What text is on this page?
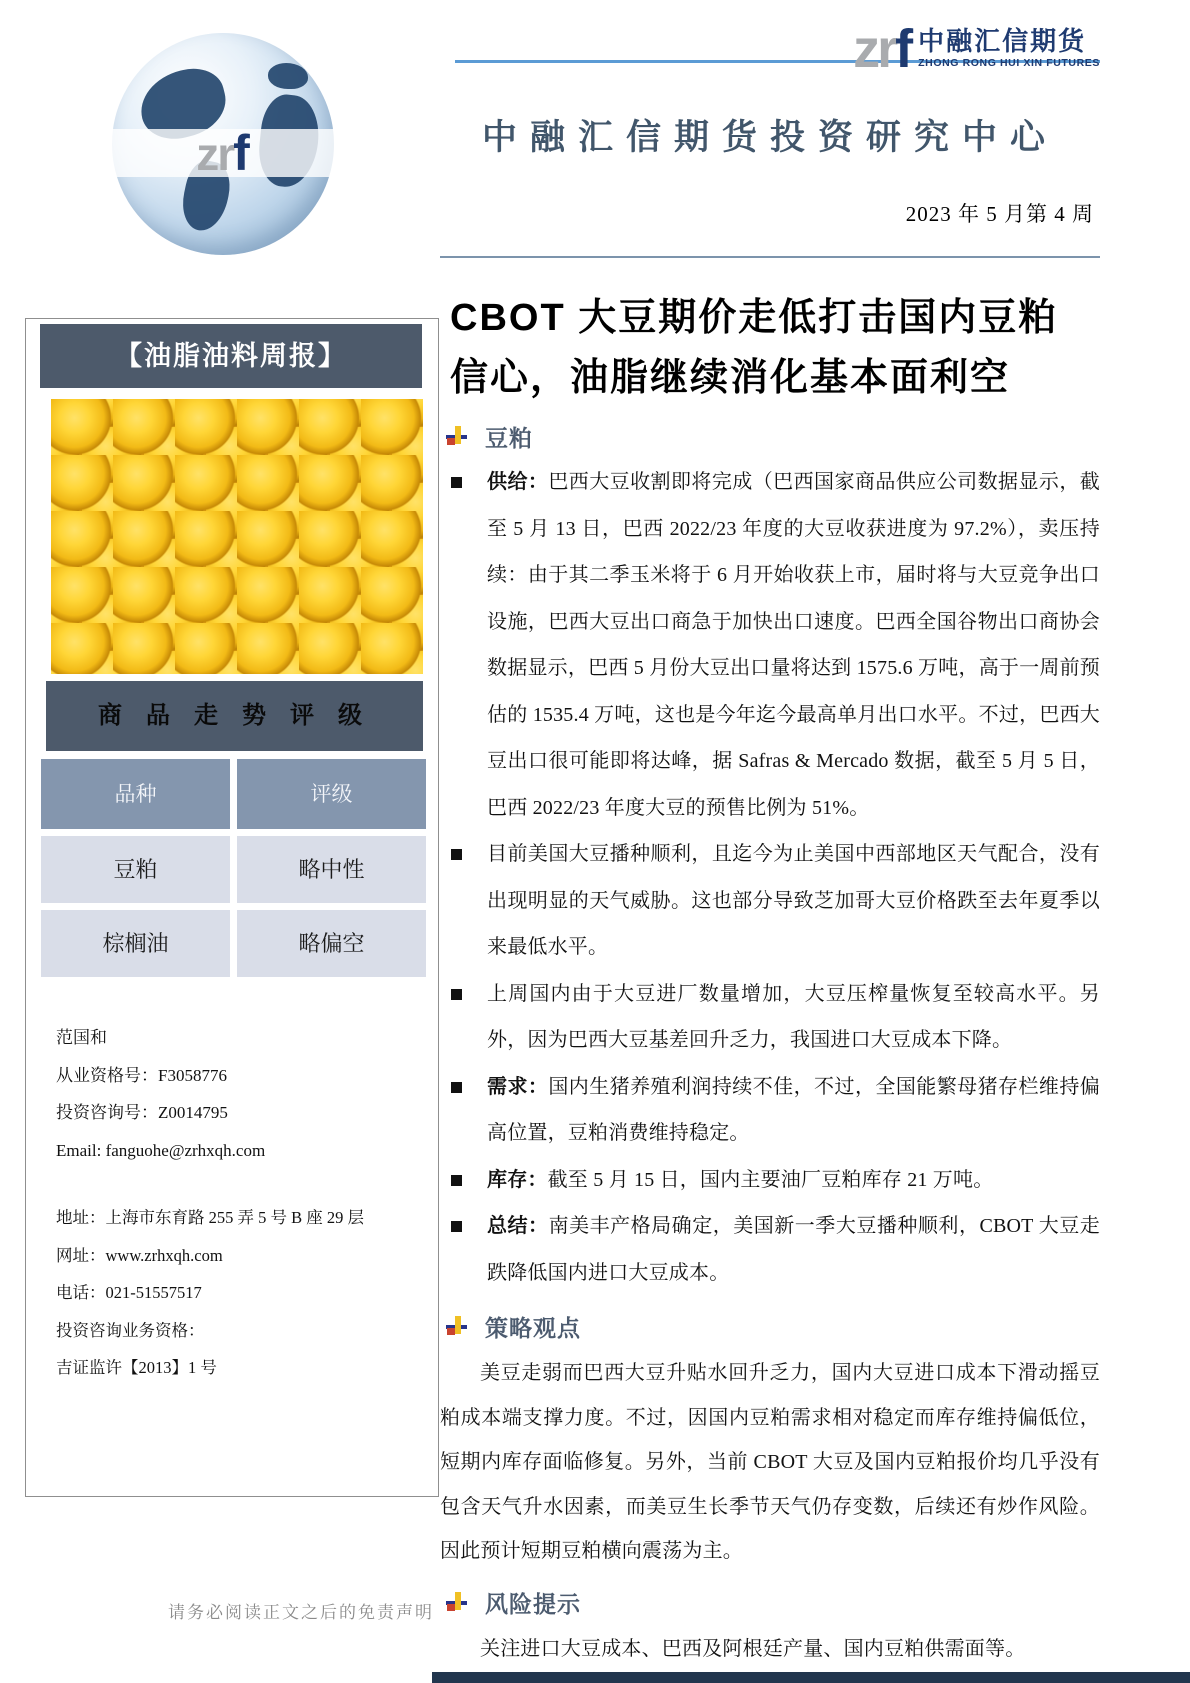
zrf
zrf 中融汇信期货
ZHONG RONG HUI XIN FUTURES
中融汇信期货投资研究中心
2023 年 5 月第 4 周
CBOT 大豆期价走低打击国内豆粕
信心，油脂继续消化基本面利空
豆粕
供给：巴西大豆收割即将完成（巴西国家商品供应公司数据显示，截至 5 月 13 日，巴西 2022/23 年度的大豆收获进度为 97.2%），卖压持续：由于其二季玉米将于 6 月开始收获上市，届时将与大豆竞争出口设施，巴西大豆出口商急于加快出口速度。巴西全国谷物出口商协会数据显示，巴西 5 月份大豆出口量将达到 1575.6 万吨，高于一周前预估的 1535.4 万吨，这也是今年迄今最高单月出口水平。不过，巴西大豆出口很可能即将达峰，据 Safras & Mercado 数据，截至 5 月 5 日，巴西 2022/23 年度大豆的预售比例为 51%。
目前美国大豆播种顺利，且迄今为止美国中西部地区天气配合，没有出现明显的天气威胁。这也部分导致芝加哥大豆价格跌至去年夏季以来最低水平。
上周国内由于大豆进厂数量增加，大豆压榨量恢复至较高水平。另外，因为巴西大豆基差回升乏力，我国进口大豆成本下降。
需求：国内生猪养殖利润持续不佳，不过，全国能繁母猪存栏维持偏高位置，豆粕消费维持稳定。
库存：截至 5 月 15 日，国内主要油厂豆粕库存 21 万吨。
总结：南美丰产格局确定，美国新一季大豆播种顺利，CBOT 大豆走跌降低国内进口大豆成本。
策略观点

美豆走弱而巴西大豆升贴水回升乏力，国内大豆进口成本下滑动摇豆粕成本端支撑力度。不过，因国内豆粕需求相对稳定而库存维持偏低位，短期内库存面临修复。另外，当前 CBOT 大豆及国内豆粕报价均几乎没有包含天气升水因素，而美豆生长季节天气仍存变数，后续还有炒作风险。因此预计短期豆粕横向震荡为主。

风险提示

关注进口大豆成本、巴西及阿根廷产量、国内豆粕供需面等。

【油脂油料周报】
商 品 走 势 评 级
品种	评级
豆粕	略中性
棕榈油	略偏空
范国和
从业资格号：F3058776
投资咨询号：Z0014795
Email: fanguohe@zrhxqh.com
地址：上海市东育路 255 弄 5 号 B 座 29 层
网址：www.zrhxqh.com
电话：021-51557517
投资咨询业务资格：
吉证监许【2013】1 号
请务必阅读正文之后的免责声明
